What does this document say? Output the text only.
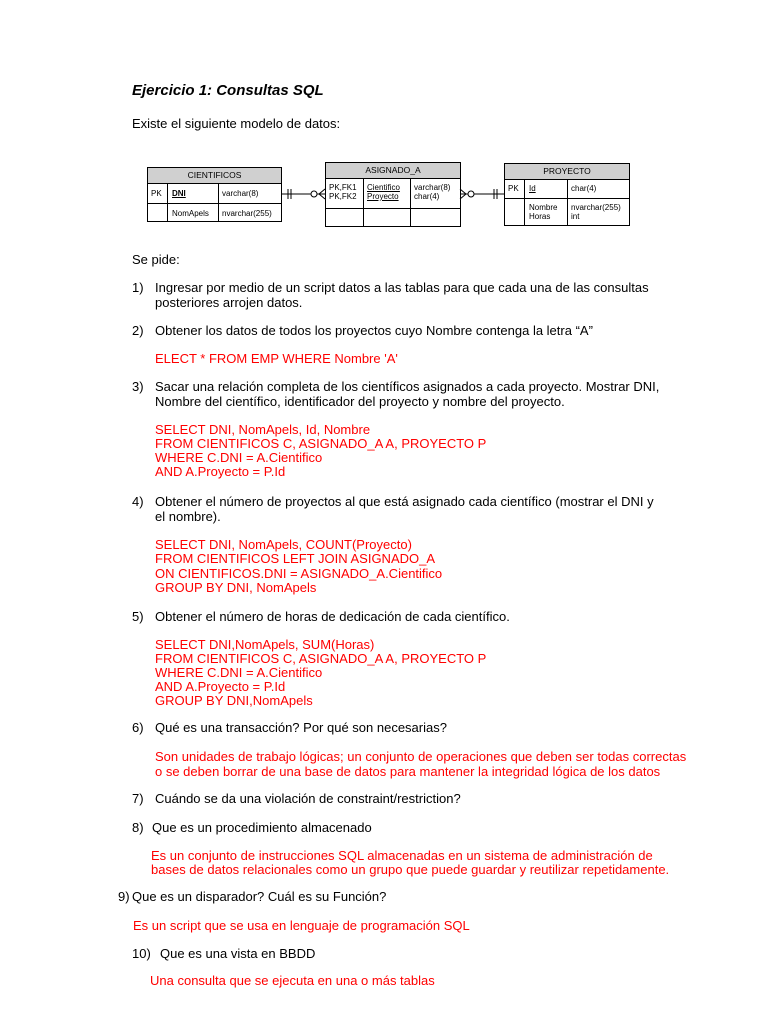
Ejercicio 1: Consultas SQL
Existe el siguiente modelo de datos:
CIENTIFICOS
PK DNI	varchar(8)
NomApels nvarchar(255)
ASIGNADO_A
PK,FK1
PK,FK2
Cientifico
Proyecto
varchar(8)
char(4)
PROYECTO
PK Id	char(4)
Nombre
Horas
nvarchar(255)
int
Se pide:
1) Ingresar por medio de un script datos a las tablas para que cada una de las consultas
posteriores arrojen datos.
2) Obtener los datos de todos los proyectos cuyo Nombre contenga la letra “A”
ELECT * FROM EMP WHERE Nombre 'A'
3) Sacar una relación completa de los científicos asignados a cada proyecto. Mostrar DNI,
Nombre del científico, identificador del proyecto y nombre del proyecto.
SELECT DNI, NomApels, Id, Nombre
FROM CIENTIFICOS C, ASIGNADO_A A, PROYECTO P
WHERE C.DNI = A.Cientifico
AND A.Proyecto = P.Id
4) Obtener el número de proyectos al que está asignado cada científico (mostrar el DNI y
el nombre).
SELECT DNI, NomApels, COUNT(Proyecto)
FROM CIENTIFICOS LEFT JOIN ASIGNADO_A
ON CIENTIFICOS.DNI = ASIGNADO_A.Cientifico
GROUP BY DNI, NomApels
5) Obtener el número de horas de dedicación de cada científico.
SELECT DNI,NomApels, SUM(Horas)
FROM CIENTIFICOS C, ASIGNADO_A A, PROYECTO P
WHERE C.DNI = A.Cientifico
AND A.Proyecto = P.Id
GROUP BY DNI,NomApels
6) Qué es una transacción? Por qué son necesarias?
Son unidades de trabajo lógicas; un conjunto de operaciones que deben ser todas correctas
o se deben borrar de una base de datos para mantener la integridad lógica de los datos
7) Cuándo se da una violación de constraint/restriction?
8) Que es un procedimiento almacenado
Es un conjunto de instrucciones SQL almacenadas en un sistema de administración de
bases de datos relacionales como un grupo que puede guardar y reutilizar repetidamente.
9) Que es un disparador? Cuál es su Función?
Es un script que se usa en lenguaje de programación SQL
10) Que es una vista en BBDD
Una consulta que se ejecuta en una o más tablas
